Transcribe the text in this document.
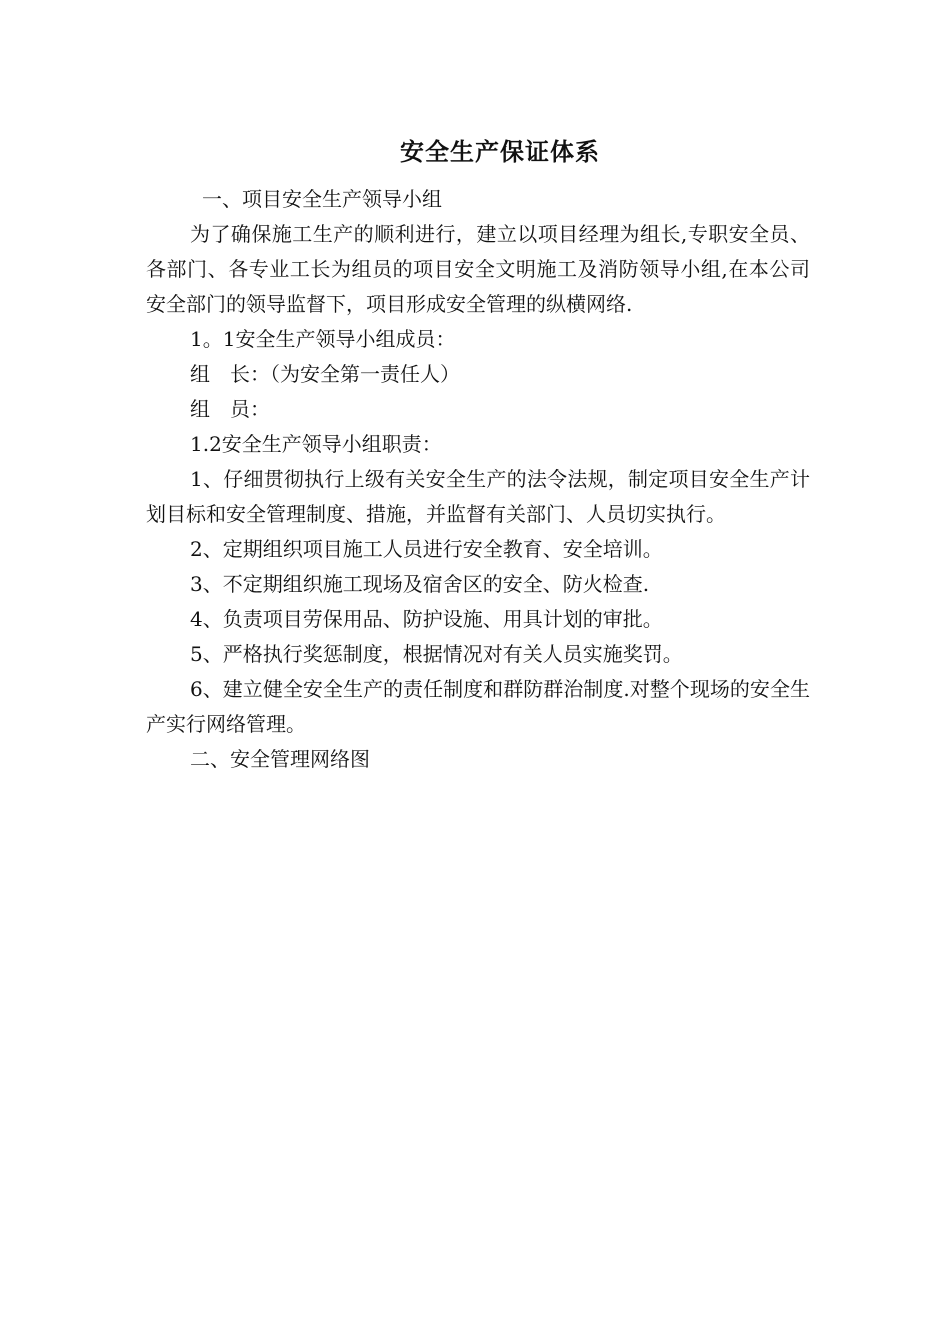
安全生产保证体系

一、项目安全生产领导小组

为了确保施工生产的顺利进行，建立以项目经理为组长,专职安全员、各部门、各专业工长为组员的项目安全文明施工及消防领导小组,在本公司安全部门的领导监督下，项目形成安全管理的纵横网络.

1。1安全生产领导小组成员：

组　长：（为安全第一责任人）

组　员：

1.2安全生产领导小组职责：

1、仔细贯彻执行上级有关安全生产的法令法规，制定项目安全生产计划目标和安全管理制度、措施，并监督有关部门、人员切实执行。

2、定期组织项目施工人员进行安全教育、安全培训。

3、不定期组织施工现场及宿舍区的安全、防火检查.

4、负责项目劳保用品、防护设施、用具计划的审批。

5、严格执行奖惩制度，根据情况对有关人员实施奖罚。

6、建立健全安全生产的责任制度和群防群治制度.对整个现场的安全生产实行网络管理。

二、安全管理网络图
